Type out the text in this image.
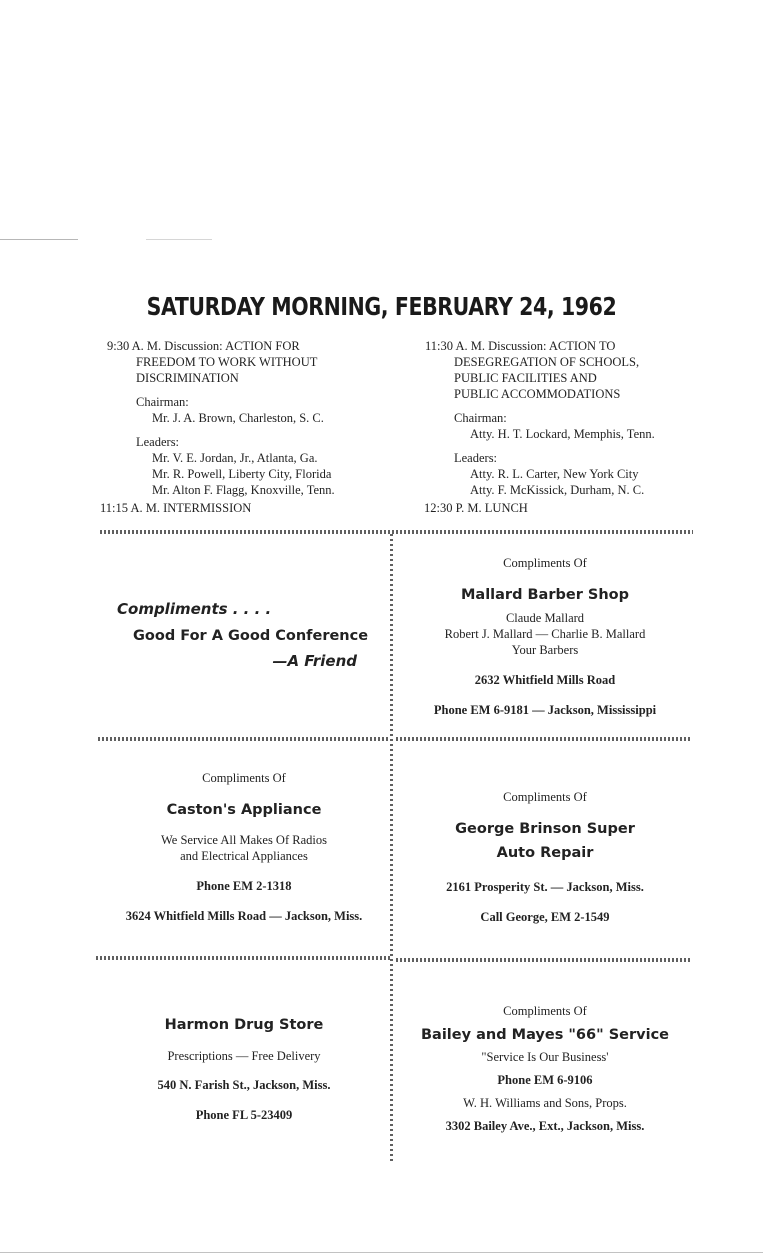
SATURDAY MORNING, FEBRUARY 24, 1962
9:30 A. M. Discussion: ACTION FOR
FREEDOM TO WORK WITHOUT
DISCRIMINATION
Chairman:
Mr. J. A. Brown, Charleston, S. C.
Leaders:
Mr. V. E. Jordan, Jr., Atlanta, Ga.
Mr. R. Powell, Liberty City, Florida
Mr. Alton F. Flagg, Knoxville, Tenn.
11:15 A. M. INTERMISSION
11:30 A. M. Discussion: ACTION TO
DESEGREGATION OF SCHOOLS,
PUBLIC FACILITIES AND
PUBLIC ACCOMMODATIONS
Chairman:
Atty. H. T. Lockard, Memphis, Tenn.
Leaders:
Atty. R. L. Carter, New York City
Atty. F. McKissick, Durham, N. C.
12:30 P. M. LUNCH
Compliments . . . .
Good For A Good Conference
—A Friend
Compliments Of
Mallard Barber Shop
Claude Mallard
Robert J. Mallard — Charlie B. Mallard
Your Barbers
2632 Whitfield Mills Road
Phone EM 6-9181 — Jackson, Mississippi
Compliments Of
Caston's Appliance
We Service All Makes Of Radios
and Electrical Appliances
Phone EM 2-1318
3624 Whitfield Mills Road — Jackson, Miss.
Compliments Of
George Brinson Super
Auto Repair
2161 Prosperity St. — Jackson, Miss.
Call George, EM 2-1549
Harmon Drug Store
Prescriptions — Free Delivery
540 N. Farish St., Jackson, Miss.
Phone FL 5-23409
Compliments Of
Bailey and Mayes "66" Service
"Service Is Our Business'
Phone EM 6-9106
W. H. Williams and Sons, Props.
3302 Bailey Ave., Ext., Jackson, Miss.
